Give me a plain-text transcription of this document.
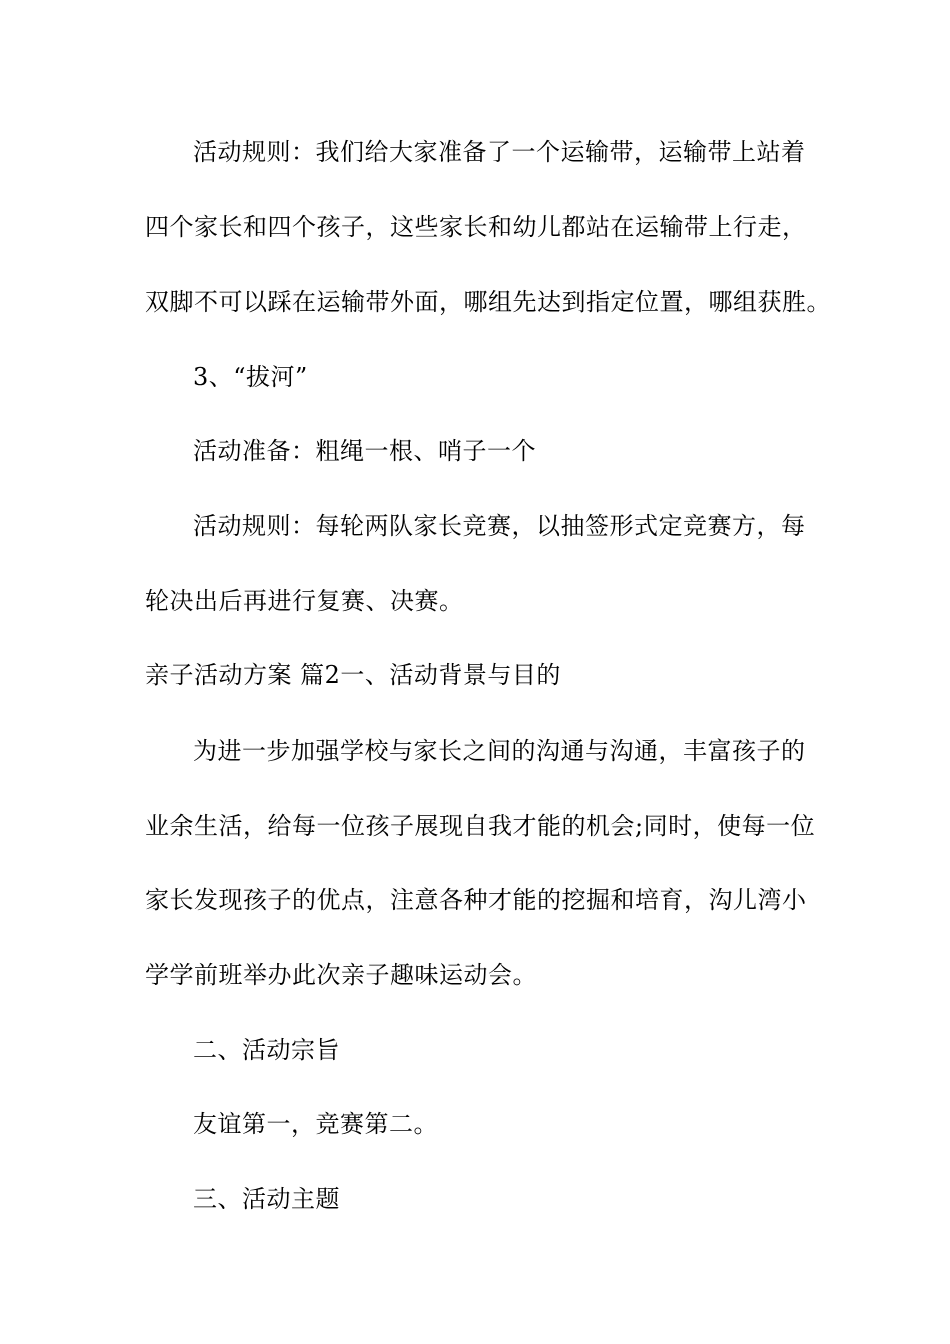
活动规则：我们给大家准备了一个运输带，运输带上站着
四个家长和四个孩子，这些家长和幼儿都站在运输带上行走，
双脚不可以踩在运输带外面，哪组先达到指定位置，哪组获胜。
3、“拔河”
活动准备：粗绳一根、哨子一个
活动规则：每轮两队家长竞赛，以抽签形式定竞赛方，每
轮决出后再进行复赛、决赛。
亲子活动方案 篇2一、活动背景与目的
为进一步加强学校与家长之间的沟通与沟通，丰富孩子的
业余生活，给每一位孩子展现自我才能的机会;同时，使每一位
家长发现孩子的优点，注意各种才能的挖掘和培育，沟儿湾小
学学前班举办此次亲子趣味运动会。
二、活动宗旨
友谊第一，竞赛第二。
三、活动主题
